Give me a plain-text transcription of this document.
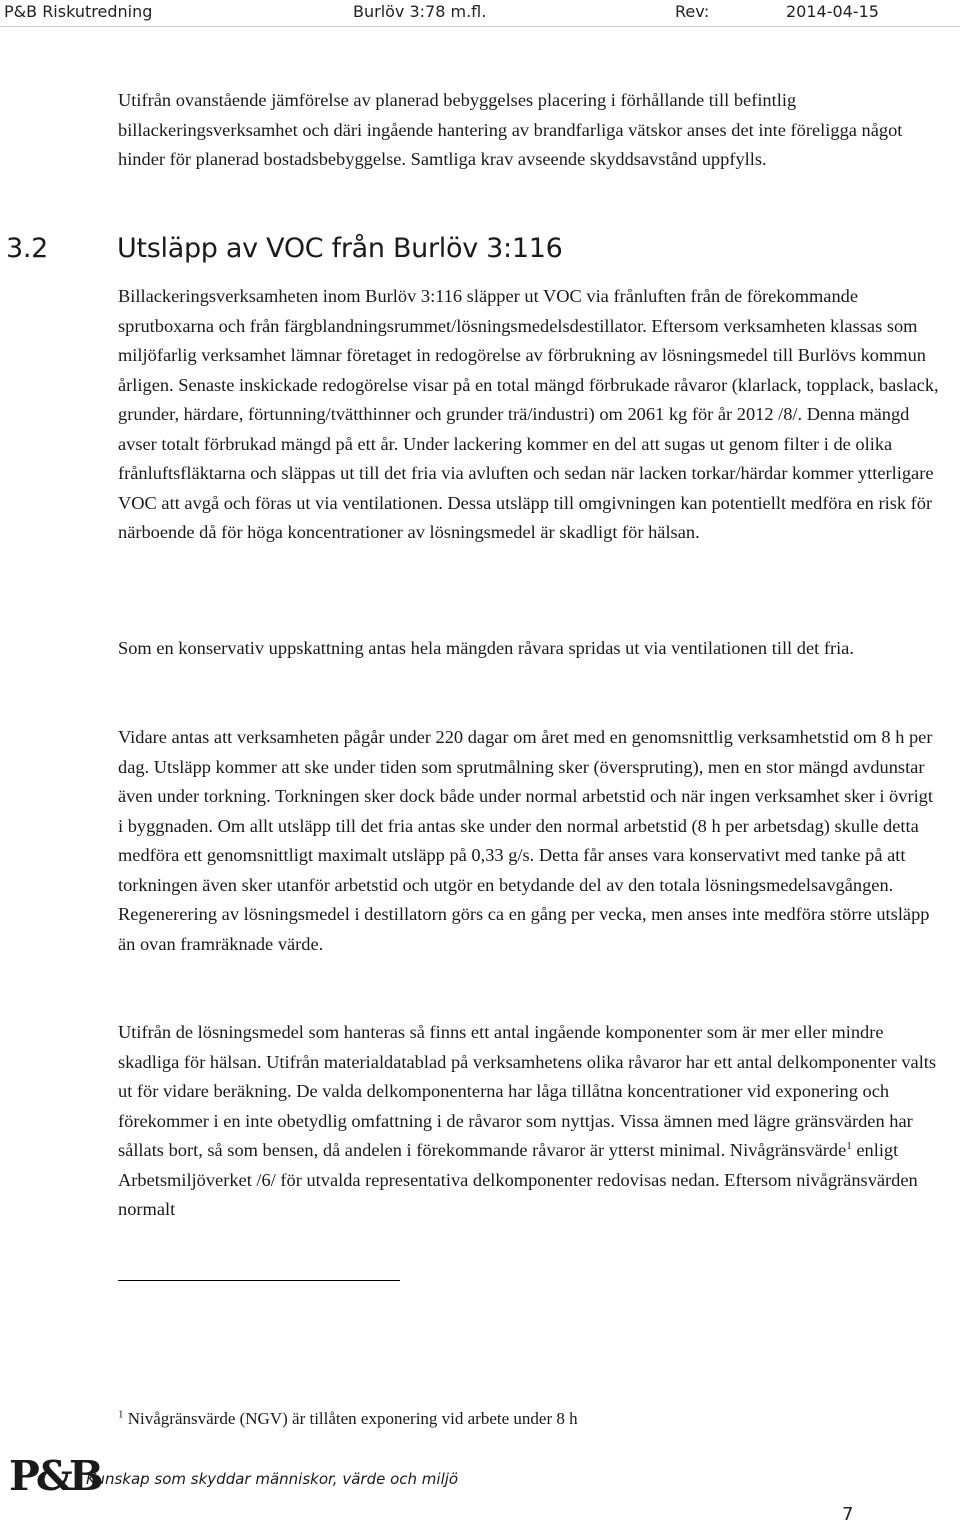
P&B Riskutredning	Burlöv 3:78 m.fl.	Rev:	2014-04-15

Utifrån ovanstående jämförelse av planerad bebyggelses placering i förhållande till befintlig billackeringsverksamhet och däri ingående hantering av brandfarliga vätskor anses det inte föreligga något hinder för planerad bostadsbebyggelse. Samtliga krav avseende skyddsavstånd uppfylls.

3.2	Utsläpp av VOC från Burlöv 3:116

Billackeringsverksamheten inom Burlöv 3:116 släpper ut VOC via frånluften från de förekommande sprutboxarna och från färgblandningsrummet/lösningsmedelsdestillator. Eftersom verksamheten klassas som miljöfarlig verksamhet lämnar företaget in redogörelse av förbrukning av lösningsmedel till Burlövs kommun årligen. Senaste inskickade redogörelse visar på en total mängd förbrukade råvaror (klarlack, topplack, baslack, grunder, härdare, förtunning/tvätthinner och grunder trä/industri) om 2061 kg för år 2012 /8/. Denna mängd avser totalt förbrukad mängd på ett år. Under lackering kommer en del att sugas ut genom filter i de olika frånluftsfläktarna och släppas ut till det fria via avluften och sedan när lacken torkar/härdar kommer ytterligare VOC att avgå och föras ut via ventilationen. Dessa utsläpp till omgivningen kan potentiellt medföra en risk för närboende då för höga koncentrationer av lösningsmedel är skadligt för hälsan.

Som en konservativ uppskattning antas hela mängden råvara spridas ut via ventilationen till det fria.

Vidare antas att verksamheten pågår under 220 dagar om året med en genomsnittlig verksamhetstid om 8 h per dag. Utsläpp kommer att ske under tiden som sprutmålning sker (överspruting), men en stor mängd avdunstar även under torkning. Torkningen sker dock både under normal arbetstid och när ingen verksamhet sker i övrigt i byggnaden. Om allt utsläpp till det fria antas ske under den normal arbetstid (8 h per arbetsdag) skulle detta medföra ett genomsnittligt maximalt utsläpp på 0,33 g/s. Detta får anses vara konservativt med tanke på att torkningen även sker utanför arbetstid och utgör en betydande del av den totala lösningsmedelsavgången. Regenerering av lösningsmedel i destillatorn görs ca en gång per vecka, men anses inte medföra större utsläpp än ovan framräknade värde.

Utifrån de lösningsmedel som hanteras så finns ett antal ingående komponenter som är mer eller mindre skadliga för hälsan. Utifrån materialdatablad på verksamhetens olika råvaror har ett antal delkomponenter valts ut för vidare beräkning. De valda delkomponenterna har låga tillåtna koncentrationer vid exponering och förekommer i en inte obetydlig omfattning i de råvaror som nyttjas. Vissa ämnen med lägre gränsvärden har sållats bort, så som bensen, då andelen i förekommande råvaror är ytterst minimal. Nivågränsvärde$^1$ enligt Arbetsmiljöverket /6/ för utvalda representativa delkomponenter redovisas nedan. Eftersom nivågränsvärden normalt

$^1$ Nivågränsvärde (NGV) är tillåten exponering vid arbete under 8 h
P&B
Kunskap som skyddar människor, värde och miljö
7
